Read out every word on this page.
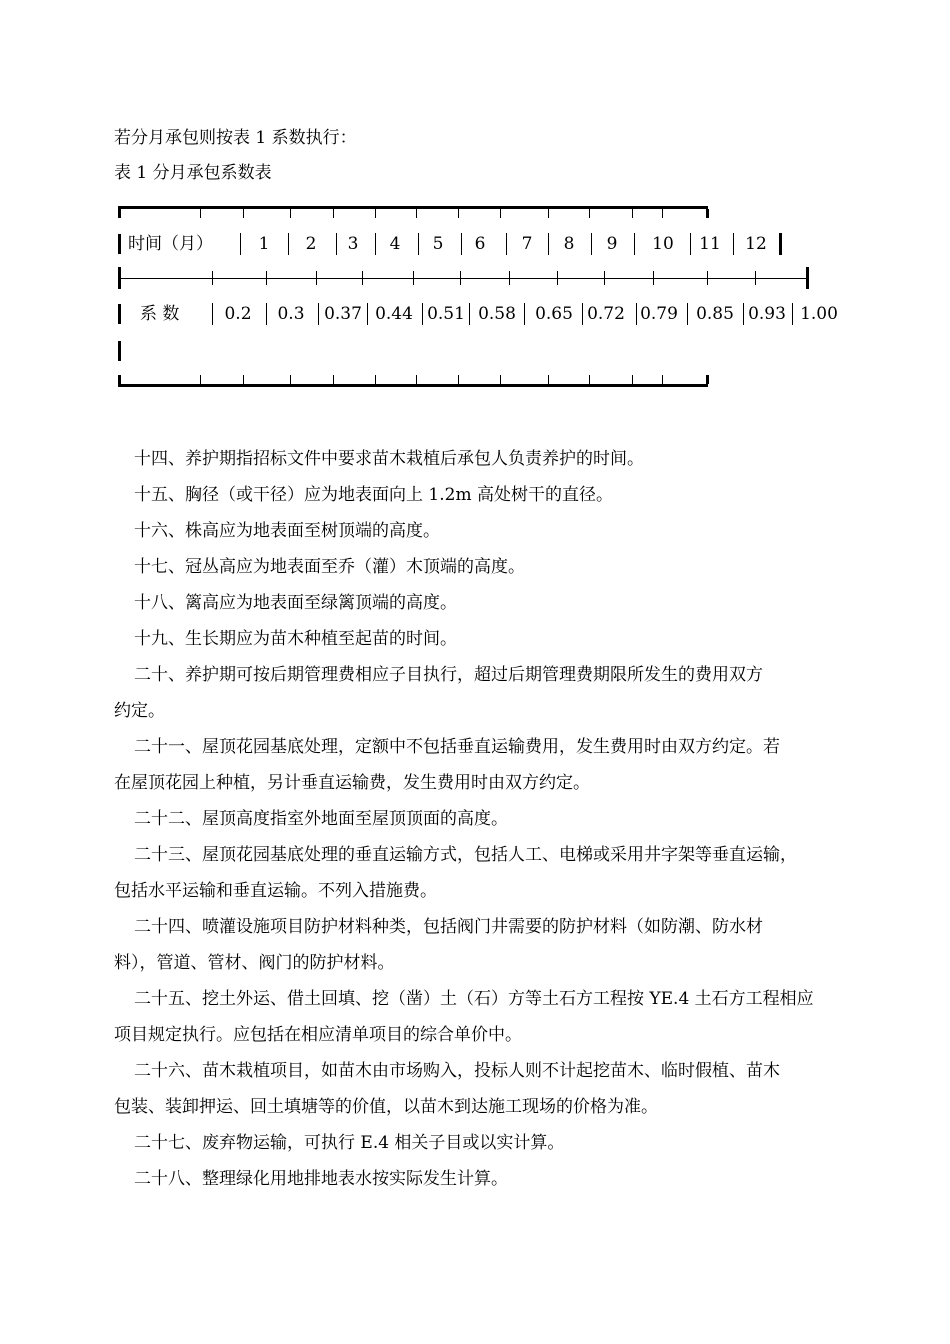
若分月承包则按表 1 系数执行：
表 1 分月承包系数表
时间（月）	1	2	3	4	5	6	7	8	9	10 11 12
系 数	0.2	0.3	0.37 0.44 0.51 0.58 0.65 0.72 0.79 0.85 0.93 1.00
十四、养护期指招标文件中要求苗木栽植后承包人负责养护的时间。
十五、胸径（或干径）应为地表面向上 1.2m 高处树干的直径。
十六、株高应为地表面至树顶端的高度。
十七、冠丛高应为地表面至乔（灌）木顶端的高度。
十八、篱高应为地表面至绿篱顶端的高度。
十九、生长期应为苗木种植至起苗的时间。
二十、养护期可按后期管理费相应子目执行，超过后期管理费期限所发生的费用双方
约定。
二十一、屋顶花园基底处理，定额中不包括垂直运输费用，发生费用时由双方约定。若
在屋顶花园上种植，另计垂直运输费，发生费用时由双方约定。
二十二、屋顶高度指室外地面至屋顶顶面的高度。
二十三、屋顶花园基底处理的垂直运输方式，包括人工、电梯或采用井字架等垂直运输，
包括水平运输和垂直运输。不列入措施费。
二十四、喷灌设施项目防护材料种类，包括阀门井需要的防护材料（如防潮、防水材
料），管道、管材、阀门的防护材料。
二十五、挖土外运、借土回填、挖（凿）土（石）方等土石方工程按 YE.4 土石方工程相应
项目规定执行。应包括在相应清单项目的综合单价中。
二十六、苗木栽植项目，如苗木由市场购入，投标人则不计起挖苗木、临时假植、苗木
包装、装卸押运、回土填塘等的价值，以苗木到达施工现场的价格为准。
二十七、废弃物运输，可执行 E.4 相关子目或以实计算。
二十八、整理绿化用地排地表水按实际发生计算。
